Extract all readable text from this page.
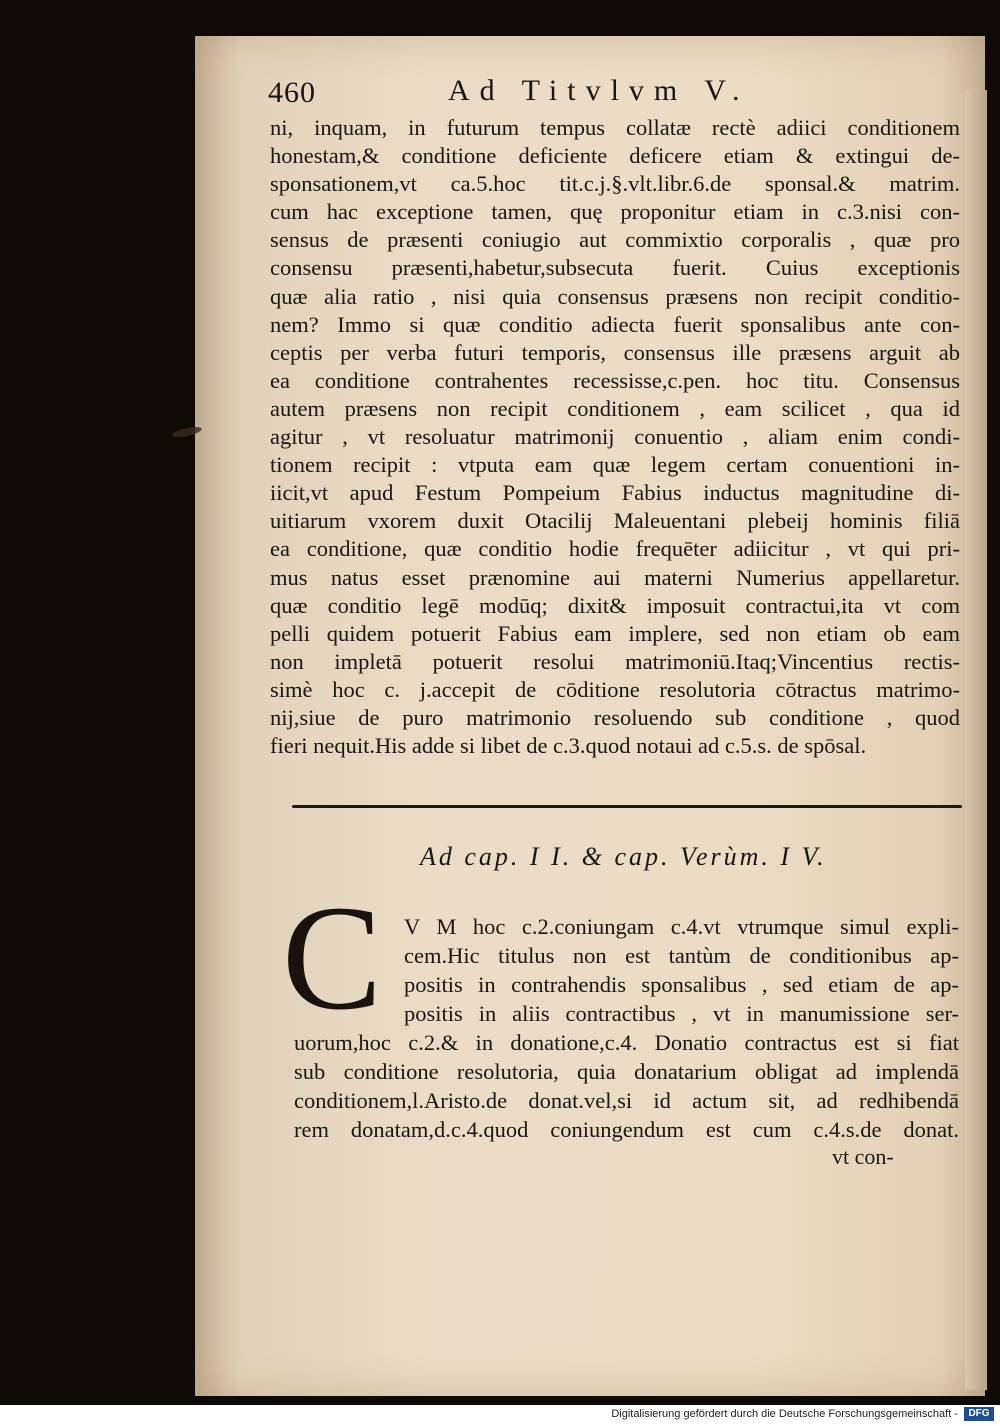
460	Ad Titvlvm V.
ni, inquam, in futurum tempus collatæ rectè adiici conditionem
honestam,& conditione deficiente deficere etiam & extingui de-
sponsationem,vt ca.5.hoc tit.c.j.§.vlt.libr.6.de sponsal.& matrim.
cum hac exceptione tamen, quę proponitur etiam in c.3.nisi con-
sensus de præsenti coniugio aut commixtio corporalis , quæ pro
consensu præsenti,habetur,subsecuta fuerit. Cuius exceptionis
quæ alia ratio , nisi quia consensus præsens non recipit conditio-
nem? Immo si quæ conditio adiecta fuerit sponsalibus ante con-
ceptis per verba futuri temporis, consensus ille præsens arguit ab
ea conditione contrahentes recessisse,c.pen. hoc titu. Consensus
autem præsens non recipit conditionem , eam scilicet , qua id
agitur , vt resoluatur matrimonij conuentio , aliam enim condi-
tionem recipit : vtputa eam quæ legem certam conuentioni in-
iicit,vt apud Festum Pompeium Fabius inductus magnitudine di-
uitiarum vxorem duxit Otacilij Maleuentani plebeij hominis filiā
ea conditione, quæ conditio hodie frequēter adiicitur , vt qui pri-
mus natus esset prænomine aui materni Numerius appellaretur.
quæ conditio legē modūq; dixit& imposuit contractui,ita vt com
pelli quidem potuerit Fabius eam implere, sed non etiam ob eam
non impletā potuerit resolui matrimoniū.Itaq;Vincentius rectis-
simè hoc c. j.accepit de cōditione resolutoria cōtractus matrimo-
nij,siue de puro matrimonio resoluendo sub conditione , quod
fieri nequit.His adde si libet de c.3.quod notaui ad c.5.s. de spōsal.
Ad cap. I I. & cap. Verùm. I V.
C V M hoc c.2.coniungam c.4.vt vtrumque simul expli-
cem.Hic titulus non est tantùm de conditionibus ap-
positis in contrahendis sponsalibus , sed etiam de ap-
positis in aliis contractibus , vt in manumissione ser-
uorum,hoc c.2.& in donatione,c.4. Donatio contractus est si fiat
sub conditione resolutoria, quia donatarium obligat ad implendā
conditionem,l.Aristo.de donat.vel,si id actum sit, ad redhibendā
rem donatam,d.c.4.quod coniungendum est cum c.4.s.de donat.
vt con-
Digitalisierung gefördert durch die Deutsche Forschungsgemeinschaft -	DFG
